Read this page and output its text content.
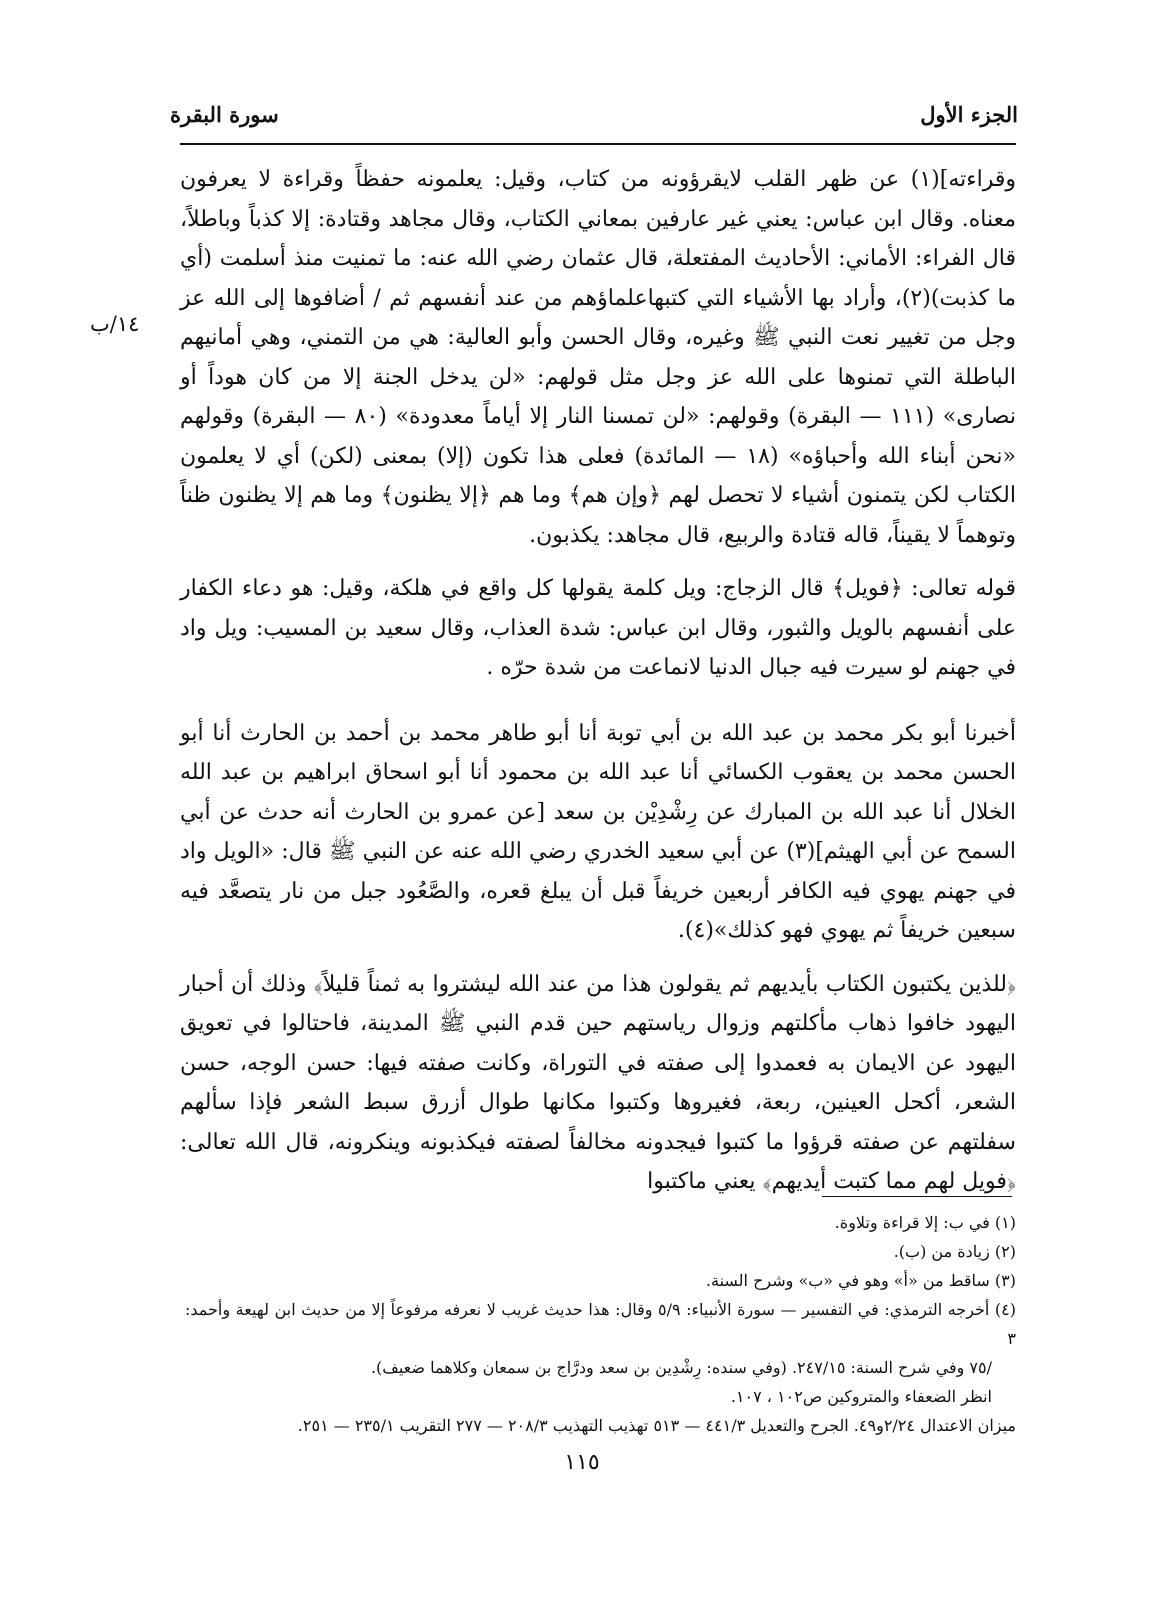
الجزء الأول
سورة البقرة
١٤/ب

وقراءته](١) عن ظهر القلب لايقرؤونه من كتاب، وقيل: يعلمونه حفظاً وقراءة لا يعرفون معناه. وقال ابن عباس: يعني غير عارفين بمعاني الكتاب، وقال مجاهد وقتادة: إلا كذباً وباطلاً، قال الفراء: الأماني: الأحاديث المفتعلة، قال عثمان رضي الله عنه: ما تمنيت منذ أسلمت (أي ما كذبت)(٢)، وأراد بها الأشياء التي كتبهاعلماؤهم من عند أنفسهم ثم / أضافوها إلى الله عز وجل من تغيير نعت النبي ﷺ وغيره، وقال الحسن وأبو العالية: هي من التمني، وهي أمانيهم الباطلة التي تمنوها على الله عز وجل مثل قولهم: «لن يدخل الجنة إلا من كان هوداً أو نصارى» (١١١ — البقرة) وقولهم: «لن تمسنا النار إلا أياماً معدودة» (٨٠ — البقرة) وقولهم «نحن أبناء الله وأحباؤه» (١٨ — المائدة) فعلى هذا تكون (إلا) بمعنى (لكن) أي لا يعلمون الكتاب لكن يتمنون أشياء لا تحصل لهم ﴿وإن هم﴾ وما هم ﴿إلا يظنون﴾ وما هم إلا يظنون ظناً وتوهماً لا يقيناً، قاله قتادة والربيع، قال مجاهد: يكذبون.

قوله تعالى: ﴿فويل﴾ قال الزجاج: ويل كلمة يقولها كل واقع في هلكة، وقيل: هو دعاء الكفار على أنفسهم بالويل والثبور، وقال ابن عباس: شدة العذاب، وقال سعيد بن المسيب: ويل واد في جهنم لو سيرت فيه جبال الدنيا لانماعت من شدة حرّه .

أخبرنا أبو بكر محمد بن عبد الله بن أبي توبة أنا أبو طاهر محمد بن أحمد بن الحارث أنا أبو الحسن محمد بن يعقوب الكسائي أنا عبد الله بن محمود أنا أبو اسحاق ابراهيم بن عبد الله الخلال أنا عبد الله بن المبارك عن رِشْدِيْن بن سعد [عن عمرو بن الحارث أنه حدث عن أبي السمح عن أبي الهيثم](٣) عن أبي سعيد الخدري رضي الله عنه عن النبي ﷺ قال: «الويل واد في جهنم يهوي فيه الكافر أربعين خريفاً قبل أن يبلغ قعره، والصَّعُود جبل من نار يتصعَّد فيه سبعين خريفاً ثم يهوي فهو كذلك»(٤).

﴿للذين يكتبون الكتاب بأيديهم ثم يقولون هذا من عند الله ليشتروا به ثمناً قليلاً﴾ وذلك أن أحبار اليهود خافوا ذهاب مأكلتهم وزوال رياستهم حين قدم النبي ﷺ المدينة، فاحتالوا في تعويق اليهود عن الايمان به فعمدوا إلى صفته في التوراة، وكانت صفته فيها: حسن الوجه، حسن الشعر، أكحل العينين، ربعة، فغيروها وكتبوا مكانها طوال أزرق سبط الشعر فإذا سألهم سفلتهم عن صفته قرؤوا ما كتبوا فيجدونه مخالفاً لصفته فيكذبونه وينكرونه، قال الله تعالى: ﴿فويل لهم مما كتبت أيديهم﴾ يعني ماكتبوا

(١) في ب: إلا قراءة وتلاوة.
(٢) زيادة من (ب).
(٣) ساقط من «أ» وهو في «ب» وشرح السنة.
(٤) أخرجه الترمذي: في التفسير — سورة الأنبياء: ٥/٩ وقال: هذا حديث غريب لا نعرفه مرفوعاً إلا من حديث ابن لهيعة وأحمد: ٣
/٧٥ وفي شرح السنة: ٢٤٧/١٥. (وفي سنده: رِشْدِين بن سعد ودرَّاج بن سمعان وكلاهما ضعيف).
انظر الضعفاء والمتروكين ص١٠٢ ، ١٠٧.
ميزان الاعتدال ٢/٢٤و٤٩. الجرح والتعديل ٤٤١/٣ — ٥١٣ تهذيب التهذيب ٢٠٨/٣ — ٢٧٧ التقريب ٢٣٥/١ — ٢٥١.
١١٥
